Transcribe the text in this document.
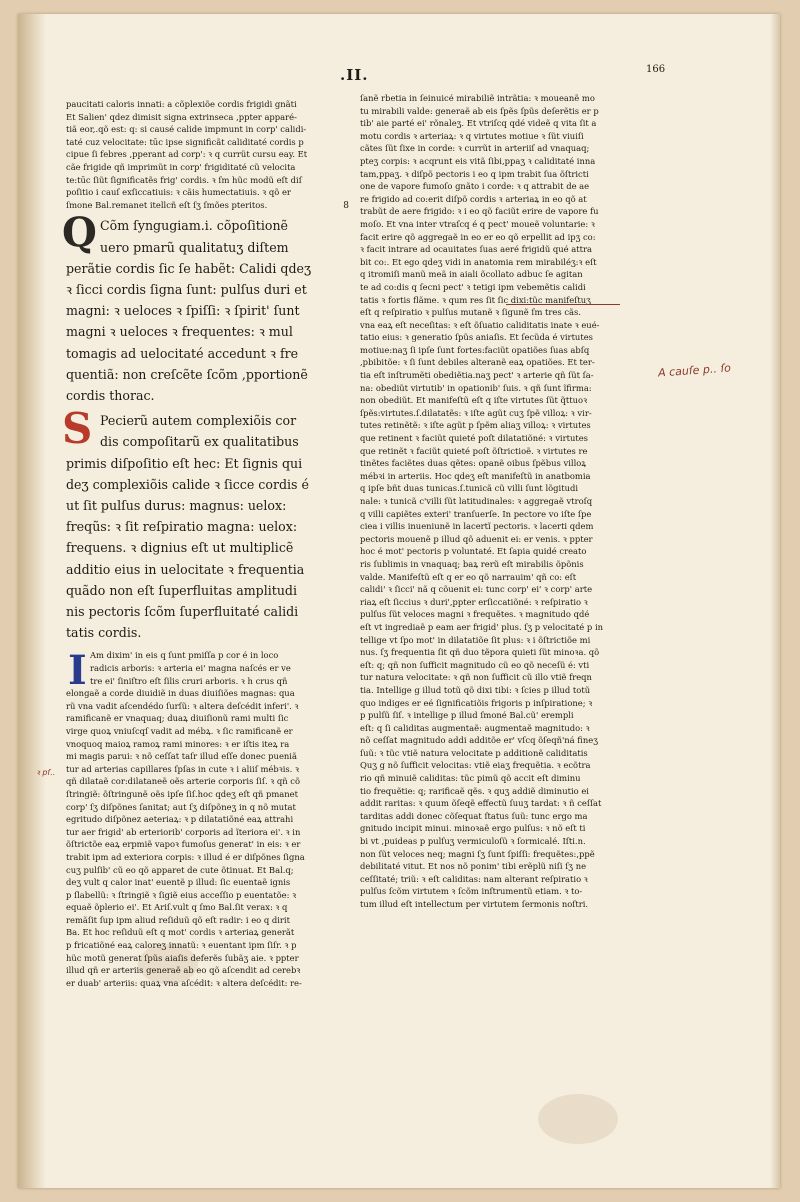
166
.II.
paucitati caloris innati: a cõplexiõe cordis frigidi gnãti
Et Salien' qdez dimisit signa extrinseca ,ppter apparé-
tiã eor,.qõ est: q: si causé calide impmunt in corp' calidi-
taté cuz velocitate: tūc ipse significãt caliditaté cordis p
cipue ſi febres ,pperant ad corp': ꝛ q currüt cursu eay. Et
cãe frigide qñ imprimũt in corp' frigiditaté cũ velocita
te:tūc ſiũt ſignificatẽs frig' cordis. ꝛ ſm hũc modũ eſt diſ
poſitio i cauſ exſiccatiuis: ꝛ cãis humectatiuis. ꝛ qõ er
ſmone Bal.remanet itellcñ eſt ſʒ ſmões pteritos.	8
Cõm ſyngugiam.i. cõpoſitionẽ
uero pmarũ qualitatuʒ diſtem
perãtie cordis ſic ſe habẽt: Calidi qdeʒ
ꝛ ſicci cordis ſigna ſunt: pulſus duri et
magni: ꝛ ueloces ꝛ ſpiſſi: ꝛ ſpirit' ſunt
magni ꝛ ueloces ꝛ frequentes: ꝛ mul
tomagis ad uelocitaté accedunt ꝛ fre
quentiã: non creſcẽte ſcõm ,pportionẽ
cordis thorac.
Q
Pecierũ autem complexiõis cor
dis compoſitarũ ex qualitatibus
primis diſpoſitio eſt hec: Et ſignis qui
deʒ complexiõis calide ꝛ ſicce cordis é
ut ſit pulſus durus: magnus: uelox:
freqũs: ꝛ ſit reſpiratio magna: uelox:
frequens. ꝛ dignius eſt ut multiplicẽ
additio eius in uelocitate ꝛ frequentia
quãdo non eſt ſuperfluitas amplitudi
nis pectoris ſcõm ſuperfluitaté calidi
tatis cordis.
S
Am dixim' in eis q ſunt pmiſſa p cor é in loco
radicis arboris: ꝛ arteria ei' magna naſcés er ve
tre ei' ſiniſtro eſt ſilis cruri arboris. ꝛ h crus qñ
elongaẽ a corde diuidiẽ in duas diuiſiões magnas: qua
rũ vna vadit aſcendédo ſurſũ: ꝛ altera deſcédit inferi'. ꝛ
ramificanẽ er vnaquaq; duaꝝ diuiſionũ rami multi ſic
virge quoꝝ vniuſcqſ vadit ad mébꝝ. ꝛ ſic ramificanẽ er
vnoquoq maioꝝ ramoꝝ rami minores: ꝛ er iſtis iteꝝ ra
mi magis parui: ꝛ nõ ceſſat taſr illud eſſe donec pueniã
tur ad arterias capillares ſpſas in cute ꝛ i aliiſ mébꝛis. ꝛ
qñ dilataẽ cor:dilataneẽ oẽs arterie corporis ſiſ. ꝛ qñ cõ
ſtringiẽ: õſtringunẽ oẽs ipſe ſiſ.hoc qdeʒ eſt qñ pmanet
corp' ſʒ diſpõnes ſanitat; aut ſʒ diſpõneʒ in q nõ mutat
egritudo diſpõnez aeteriaꝝ: ꝛ p dilatatiõné eaꝝ attrahi
tur aer frigid' ab erteriorib' corporis ad ĩteriora ei'. ꝛ in
õſtrictõe eaꝝ erpmiẽ vapoꝛ fumoſus generat' in eis: ꝛ er
trabit ipm ad exteriora corpis: ꝛ illud é er diſpõnes ſigna
cuʒ pulſib' cũ eo qõ apparet de cute õtinuat. Et Bal.q;
deʒ vult q calor inat' euentẽ p illud: ſic euentaẽ ignis
p ſlabellũ: ꝛ ſtringiẽ ꝛ ſigiẽ eius acceſſio p euentatõe: ꝛ
equaẽ õplerio ei'. Et Ariſ.vult q ſmo Bal.ſit verax: ꝛ q
remãſit ſup ipm aliud reſiduũ qõ eſt radir: i eo q dirit
Ba. Et hoc reſiduũ eſt q mot' cordis ꝛ arteriaꝝ generãt
p fricatiõné eaꝝ caloreʒ innatũ: ꝛ euentant ipm ſiſr. ꝛ p
hüc motũ generat ſpũs aiaſis deferẽs ſubãʒ aie. ꝛ ppter
illud qñ er arteriis generaẽ ab eo qõ aſcendit ad cerebꝛ
er duab' arteriis: quaꝝ vna aſcédit: ꝛ altera deſcédit: re-
I
ſanẽ rbetia in ſeinuicé mirabiliẽ intrãtia: ꝛ moueanẽ mo
tu mirabili valde: generaẽ ab eis ſpẽs ſpũs deſerẽtis er p
tib' aie parté ei' rõnaleʒ. Et vtriſcq qdé videẽ q vita ſit a
motu cordis ꝛ arteriaꝝ: ꝛ q virtutes motiue ꝛ ſũt viuiſi
cãtes ſũt ſixe in corde: ꝛ currũt in arteriiſ ad vnaquaq;
pteʒ corpis: ꝛ acqrunt eis vitã ſibi,ppaʒ ꝛ caliditaté inna
tam,ppaʒ. ꝛ diſpõ pectoris i eo q ipm trabit ſua õſtricti
one de vapore fumoſo gnãto i corde: ꝛ q attrabit de ae
re frigido ad co:erit diſpõ cordis ꝛ arteriaꝝ in eo qõ at
trabũt de aere frigido: ꝛ i eo qõ faciũt erire de vapore fu
moſo. Et vna inter vtraſcq é q pect' moueẽ voluntarie: ꝛ
facit erire qõ aggregaẽ in eo er eo qõ erpellit ad ipʒ co:
ꝛ facit intrare ad ocauitates ſuas aeré frigidũ qué attra
bit co:. Et ego qdeʒ vidi in anatomia rem mirabiléʒ:ꝛ eſt
q itromiſi manũ meã in aiali õcollato adbuc ſe agitan
te ad co:dis q ſecni pect' ꝛ tetigi ipm vebemẽtis calidi
tatis ꝛ fortis flãme. ꝛ qum res ſit ſic dixi:tũc manifeſtuʒ
eſt q reſpiratio ꝛ pulſus mutanẽ ꝛ ſigunẽ ſm tres cãs.
vna eaꝝ eſt neceſitas: ꝛ eſt õſuatio caliditatis inate ꝛ eué-
tatio eius: ꝛ generatio ſpũs aniaſis. Et ſecũda é virtutes
motiue:naʒ ſi ipſe ſunt fortes:faciũt opatiões ſuas abſq
,pbibitõe: ꝛ ſi ſunt debiles alteranẽ eaꝝ opatiões. Et ter-
tia eſt inſtrumẽti obediẽtia.naʒ pect' ꝛ arterie qñ ſũt ſa-
na: obediũt virtutib' in opationib' ſuis. ꝛ qñ ſunt ĩfirma:
non obediũt. Et manifeſtũ eſt q iſte virtutes ſũt q̃ttuoꝛ
ſpẽs:virtutes.ſ.dilatatẽs: ꝛ iſte agũt cuʒ ſpẽ villoꝝ: ꝛ vir-
tutes retinẽtẽ: ꝛ iſte agũt p ſpẽm aliaʒ villoꝝ: ꝛ virtutes
que retinent ꝛ faciũt quieté poſt dilatatiõné: ꝛ virtutes
que retinẽt ꝛ faciũt quieté poſt õſtrictioẽ. ꝛ virtutes re
tinẽtes faciẽtes duas qẽtes: opanẽ oibus ſpẽbus villoꝝ
mébꝛi in arteriis. Hoc qdeʒ eſt manifeſtũ in anatbomia
q ipſe bñt duas tunicas.ſ.tunicã cũ villi ſunt lõgitudi
nale: ꝛ tunicã c'villi ſũt latitudinales: ꝛ aggregaẽ vtroſq
q villi capiẽtes exteri' tranſuerſe. In pectore vo iſte ſpe
ciea i villis inueniunẽ in lacertĩ pectoris. ꝛ lacerti qdem
pectoris mouenẽ p illud qõ aduenit ei: er venis. ꝛ ppter
hoc é mot' pectoris p voluntaté. Et ſapia quidé creato
ris ſublimis in vnaquaq; baꝝ rerũ eſt mirabilis õpõnis
valde. Manifeſtũ eſt q er eo qõ narrauim' qñ co: eſt
calidi' ꝛ ſicci' nã q cõuenit ei: tunc corp' ei' ꝛ corp' arte
riaꝝ eſt ſiccius ꝛ duri',ppter erſiccatiõné: ꝛ reſpiratio ꝛ
pulſus ſũt veloces magni ꝛ frequẽtes. ꝛ magnitudo qdé
eſt vt ingrediaẽ p eam aer frigid' plus. ſʒ p velocitaté p in
tellige vt ſpo mot' in dilatatiõe ſit plus: ꝛ i õſtrictiõe mi
nus. ſʒ frequentia ſit qñ duo tẽpora quieti ſũt minoꝛa. qõ
eſt: q; qñ non ſufficit magnitudo cũ eo qõ neceſũ é: vti
tur natura velocitate: ꝛ qñ non ſufficit cũ illo vtiẽ freqn
tia. Intellige g illud totũ qõ dixi tibi: ꝛ ſcies p illud totũ
quo indiges er eé ſignificatiõis frigoris p inſpiratione; ꝛ
p pulſũ ſiſ. ꝛ intellige p illud ſmoné Bal.cũ' erempli
eſt: q ſi caliditas augmentaẽ: augmentaẽ magnitudo: ꝛ
nõ ceſſat magnitudo addi additõe er' vſcq õſeqñ'ná fineʒ
ſuũ: ꝛ tũc vtiẽ natura velocitate p additionẽ caliditatis
Quʒ g nõ ſufficit velocitas: vtiẽ eiaʒ frequẽtia. ꝛ ecõtra
rio qñ minuiẽ caliditas: tũc pimũ qõ accit eſt diminu
tio frequẽtie: q; rarificaẽ qẽs. ꝛ quʒ addiẽ diminutio ei
addit raritas: ꝛ quum õſeqẽ effectũ ſuuʒ tardat: ꝛ ñ ceſſat
tarditas addi donec cõſequat ſtatus ſuũ: tunc ergo ma
gnitudo incipit minui. minoꝛaẽ ergo pulſus: ꝛ nõ eſt ti
bi vt ,puideas p pulſuʒ vermiculoſũ ꝛ ſormicalé. Iſti.n.
non ſũt veloces neq; magni ſʒ ſunt ſpiſſi: frequẽtes:,ppẽ
debilitaté vitut. Et nos nõ ponim' tibi erẽplũ niſi ſʒ ne
ceſſitaté; triũ: ꝛ eſt caliditas: nam alterant reſpiratio ꝛ
pulſus ſcõm virtutem ꝛ ſcõm inſtrumentũ etiam. ꝛ to-
tum illud eſt intellectum per virtutem ſermonis noſtri.
A cauſe p.. ſo
ꝛ pſ..
